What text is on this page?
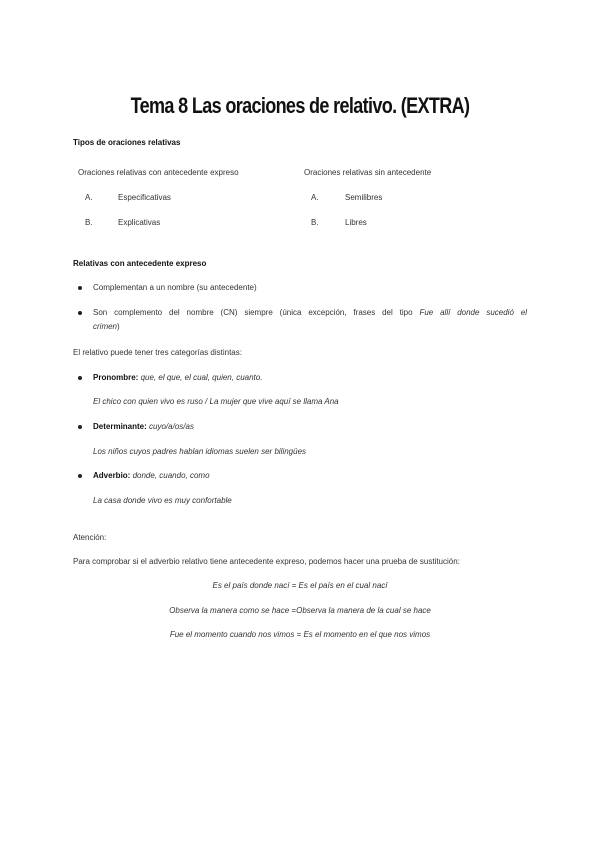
Tema 8 Las oraciones de relativo. (EXTRA)
Tipos de oraciones relativas
Oraciones relativas con antecedente expreso	Oraciones relativas sin antecedente
A.	Especificativas	A.	Semilibres
B.	Explicativas	B.	Libres
Relativas con antecedente expreso
Complementan a un nombre (su antecedente)
Son complemento del nombre (CN) siempre (única excepción, frases del tipo Fue allí donde sucedió el
crimen)
El relativo puede tener tres categorías distintas:
Pronombre: que, el que, el cual, quien, cuanto.
El chico con quien vivo es ruso / La mujer que vive aquí se llama Ana
Determinante: cuyo/a/os/as
Los niños cuyos padres hablan idiomas suelen ser bilingües
Adverbio: donde, cuando, como
La casa donde vivo es muy confortable
Atención:
Para comprobar si el adverbio relativo tiene antecedente expreso, podemos hacer una prueba de sustitución:
Es el país donde nací = Es el país en el cual nací
Observa la manera como se hace =Observa la manera de la cual se hace
Fue el momento cuando nos vimos = Es el momento en el que nos vimos
